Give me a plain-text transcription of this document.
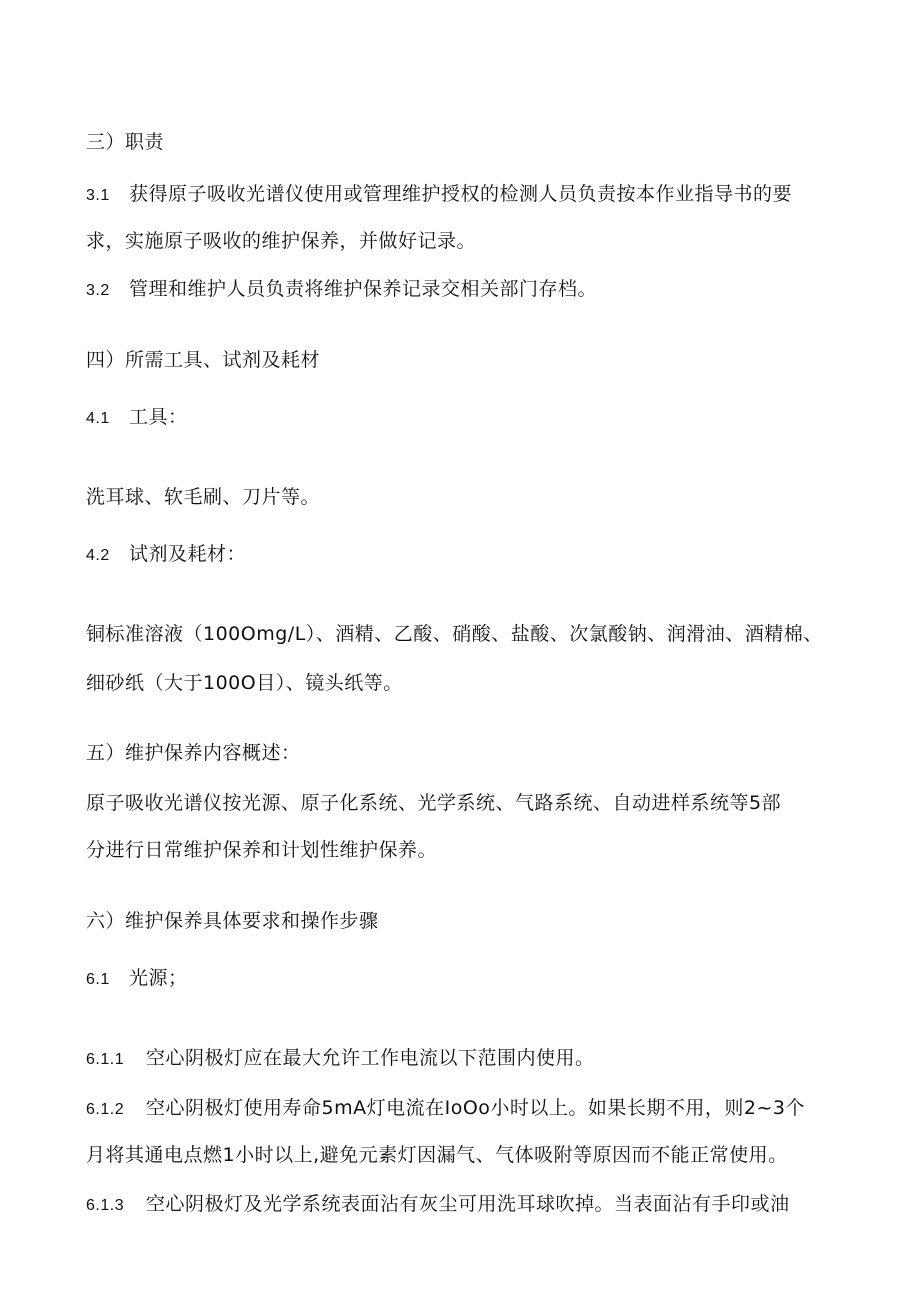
三）职责
3.1 获得原子吸收光谱仪使用或管理维护授权的检测人员负责按本作业指导书的要
求，实施原子吸收的维护保养，并做好记录。
3.2 管理和维护人员负责将维护保养记录交相关部门存档。
四）所需工具、试剂及耗材
4.1 工具：
洗耳球、软毛刷、刀片等。
4.2 试剂及耗材：
铜标准溶液（100Omg/L）、酒精、乙酸、硝酸、盐酸、次氯酸钠、润滑油、酒精棉、
细砂纸（大于100O目）、镜头纸等。
五）维护保养内容概述：
原子吸收光谱仪按光源、原子化系统、光学系统、气路系统、自动进样系统等5部
分进行日常维护保养和计划性维护保养。
六）维护保养具体要求和操作步骤
6.1 光源；
6.1.1 空心阴极灯应在最大允许工作电流以下范围内使用。
6.1.2 空心阴极灯使用寿命5mA灯电流在IoOo小时以上。如果长期不用，则2~3个
月将其通电点燃1小时以上,避免元素灯因漏气、气体吸附等原因而不能正常使用。
6.1.3 空心阴极灯及光学系统表面沾有灰尘可用洗耳球吹掉。当表面沾有手印或油
